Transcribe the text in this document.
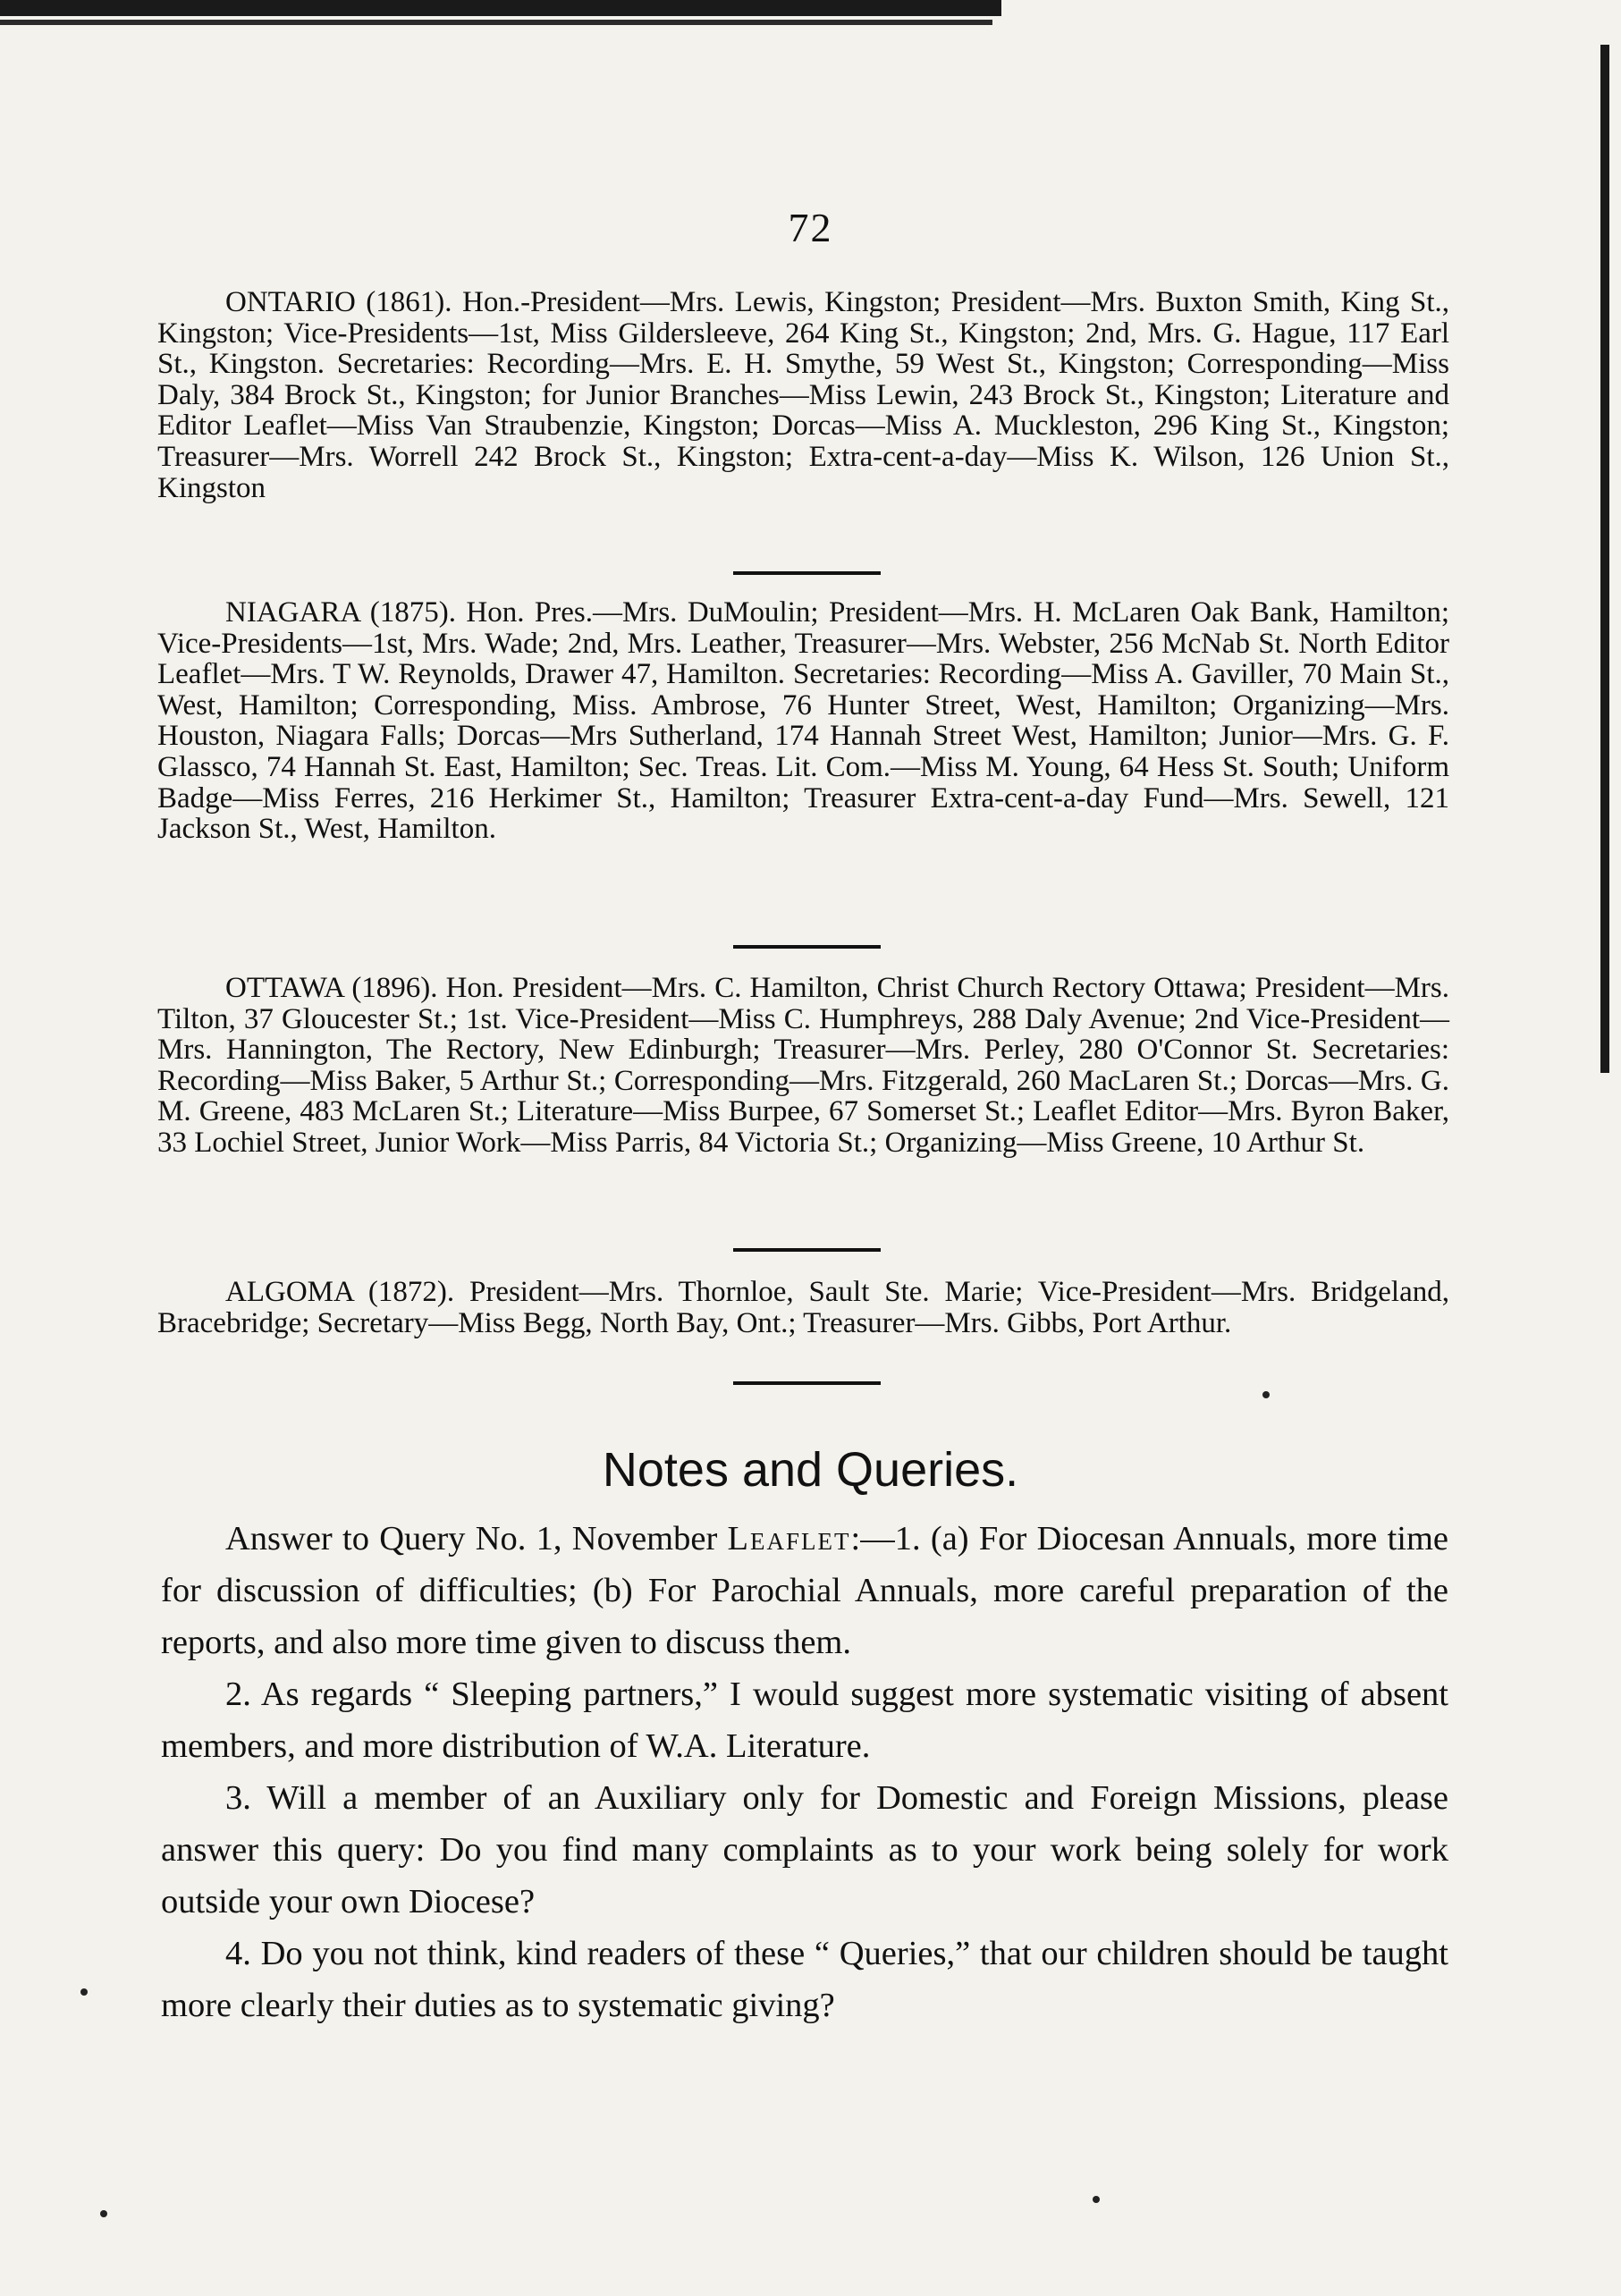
72

ONTARIO (1861). Hon.-President—Mrs. Lewis, Kingston; President—Mrs. Buxton Smith, King St., Kingston; Vice-Presidents—1st, Miss Gildersleeve, 264 King St., Kingston; 2nd, Mrs. G. Hague, 117 Earl St., Kingston. Secretaries: Recording—Mrs. E. H. Smythe, 59 West St., Kingston; Corresponding—Miss Daly, 384 Brock St., Kingston; for Junior Branches—Miss Lewin, 243 Brock St., Kingston; Literature and Editor Leaflet—Miss Van Straubenzie, Kingston; Dorcas—Miss A. Muckleston, 296 King St., Kingston; Treasurer—Mrs. Worrell 242 Brock St., Kingston; Extra-cent-a-day—Miss K. Wilson, 126 Union St., Kingston

NIAGARA (1875). Hon. Pres.—Mrs. DuMoulin; President—Mrs. H. McLaren Oak Bank, Hamilton; Vice-Presidents—1st, Mrs. Wade; 2nd, Mrs. Leather, Treasurer—Mrs. Webster, 256 McNab St. North Editor Leaflet—Mrs. T W. Reynolds, Drawer 47, Hamilton. Secretaries: Recording—Miss A. Gaviller, 70 Main St., West, Hamilton; Corresponding, Miss. Ambrose, 76 Hunter Street, West, Hamilton; Organizing—Mrs. Houston, Niagara Falls; Dorcas—Mrs Sutherland, 174 Hannah Street West, Hamilton; Junior—Mrs. G. F. Glassco, 74 Hannah St. East, Hamilton; Sec. Treas. Lit. Com.—Miss M. Young, 64 Hess St. South; Uniform Badge—Miss Ferres, 216 Herkimer St., Hamilton; Treasurer Extra-cent-a-day Fund—Mrs. Sewell, 121 Jackson St., West, Hamilton.

OTTAWA (1896). Hon. President—Mrs. C. Hamilton, Christ Church Rectory Ottawa; President—Mrs. Tilton, 37 Gloucester St.; 1st. Vice-President—Miss C. Humphreys, 288 Daly Avenue; 2nd Vice-President—Mrs. Hannington, The Rectory, New Edinburgh; Treasurer—Mrs. Perley, 280 O'Connor St. Secretaries: Recording—Miss Baker, 5 Arthur St.; Corresponding—Mrs. Fitzgerald, 260 MacLaren St.; Dorcas—Mrs. G. M. Greene, 483 McLaren St.; Literature—Miss Burpee, 67 Somerset St.; Leaflet Editor—Mrs. Byron Baker, 33 Lochiel Street, Junior Work—Miss Parris, 84 Victoria St.; Organizing—Miss Greene, 10 Arthur St.

ALGOMA (1872). President—Mrs. Thornloe, Sault Ste. Marie; Vice-President—Mrs. Bridgeland, Bracebridge; Secretary—Miss Begg, North Bay, Ont.; Treasurer—Mrs. Gibbs, Port Arthur.

Notes and Queries.

Answer to Query No. 1, November Leaflet:—1. (a) For Diocesan Annuals, more time for discussion of difficulties; (b) For Parochial Annuals, more careful preparation of the reports, and also more time given to discuss them.

2. As regards “ Sleeping partners,” I would suggest more systematic visiting of absent members, and more distribution of W.A. Literature.

3. Will a member of an Auxiliary only for Domestic and Foreign Missions, please answer this query: Do you find many complaints as to your work being solely for work outside your own Diocese?

4. Do you not think, kind readers of these “ Queries,” that our children should be taught more clearly their duties as to systematic giving?
